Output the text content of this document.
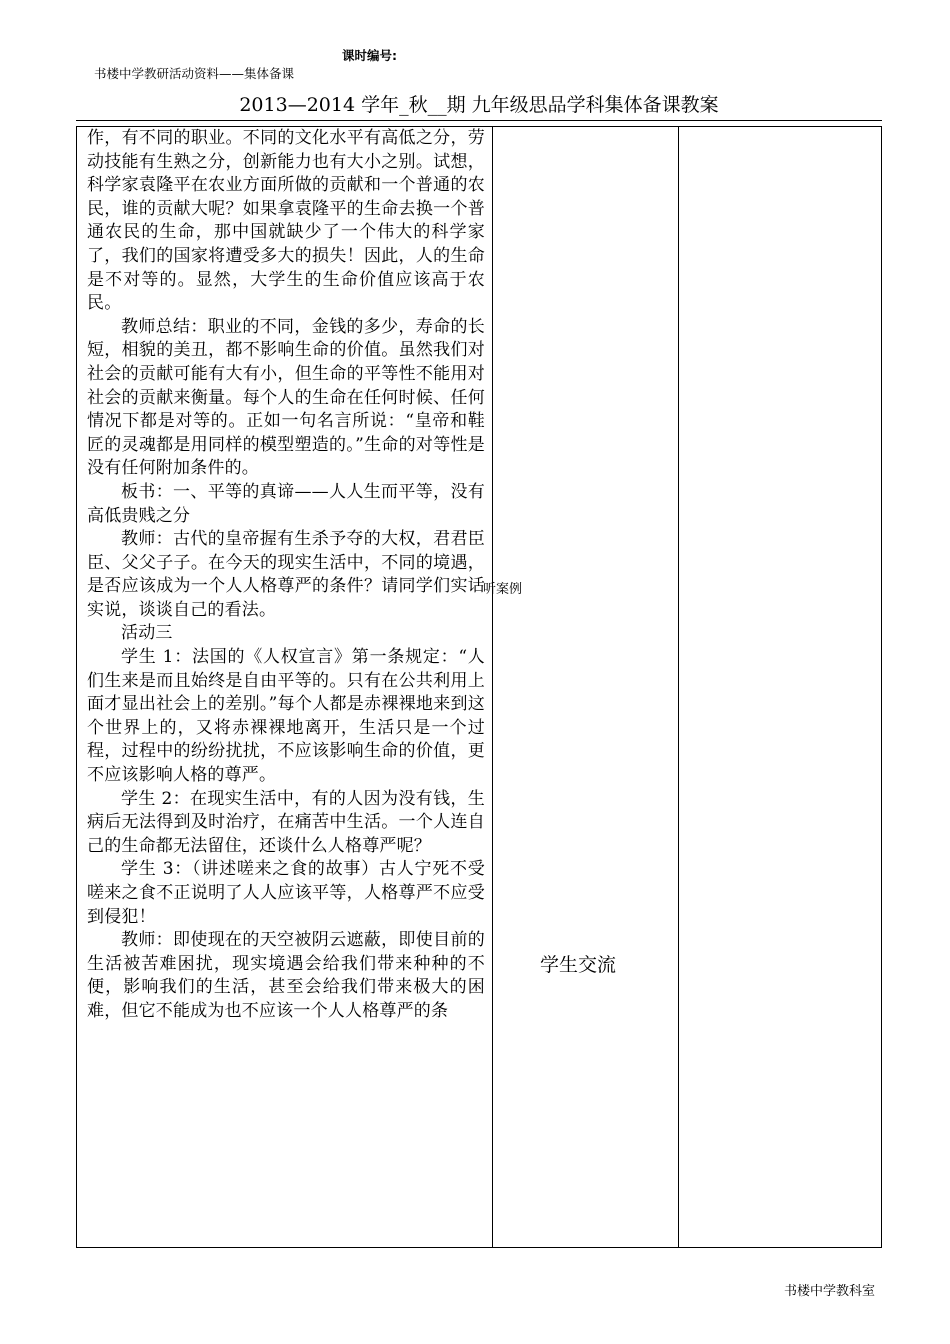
课时编号:
书楼中学教研活动资料——集体备课
2013—2014 学年_秋__期 九年级思品学科集体备课教案

作，有不同的职业。不同的文化水平有高低之分，劳动技能有生熟之分，创新能力也有大小之别。试想，科学家袁隆平在农业方面所做的贡献和一个普通的农民，谁的贡献大呢？如果拿袁隆平的生命去换一个普通农民的生命，那中国就缺少了一个伟大的科学家了，我们的国家将遭受多大的损失！因此，人的生命是不对等的。显然，大学生的生命价值应该高于农民。

教师总结：职业的不同，金钱的多少，寿命的长短，相貌的美丑，都不影响生命的价值。虽然我们对社会的贡献可能有大有小，但生命的平等性不能用对社会的贡献来衡量。每个人的生命在任何时候、任何情况下都是对等的。正如一句名言所说：“皇帝和鞋匠的灵魂都是用同样的模型塑造的。”生命的对等性是没有任何附加条件的。

板书：一、平等的真谛——人人生而平等，没有高低贵贱之分

教师：古代的皇帝握有生杀予夺的大权，君君臣臣、父父子子。在今天的现实生活中，不同的境遇，是否应该成为一个人人格尊严的条件？请同学们实话实说，谈谈自己的看法。

活动三

学生 1：法国的《人权宣言》第一条规定：“人们生来是而且始终是自由平等的。只有在公共利用上面才显出社会上的差别。”每个人都是赤裸裸地来到这个世界上的，又将赤裸裸地离开，生活只是一个过程，过程中的纷纷扰扰，不应该影响生命的价值，更不应该影响人格的尊严。

学生 2：在现实生活中，有的人因为没有钱，生病后无法得到及时治疗，在痛苦中生活。一个人连自己的生命都无法留住，还谈什么人格尊严呢？

学生 3：（讲述嗟来之食的故事）古人宁死不受嗟来之食不正说明了人人应该平等，人格尊严不应受到侵犯！

教师：即使现在的天空被阴云遮蔽，即使目前的生活被苦难困扰，现实境遇会给我们带来种种的不便，影响我们的生活，甚至会给我们带来极大的困难，但它不能成为也不应该一个人人格尊严的条

听案例
学生交流
书楼中学教科室
